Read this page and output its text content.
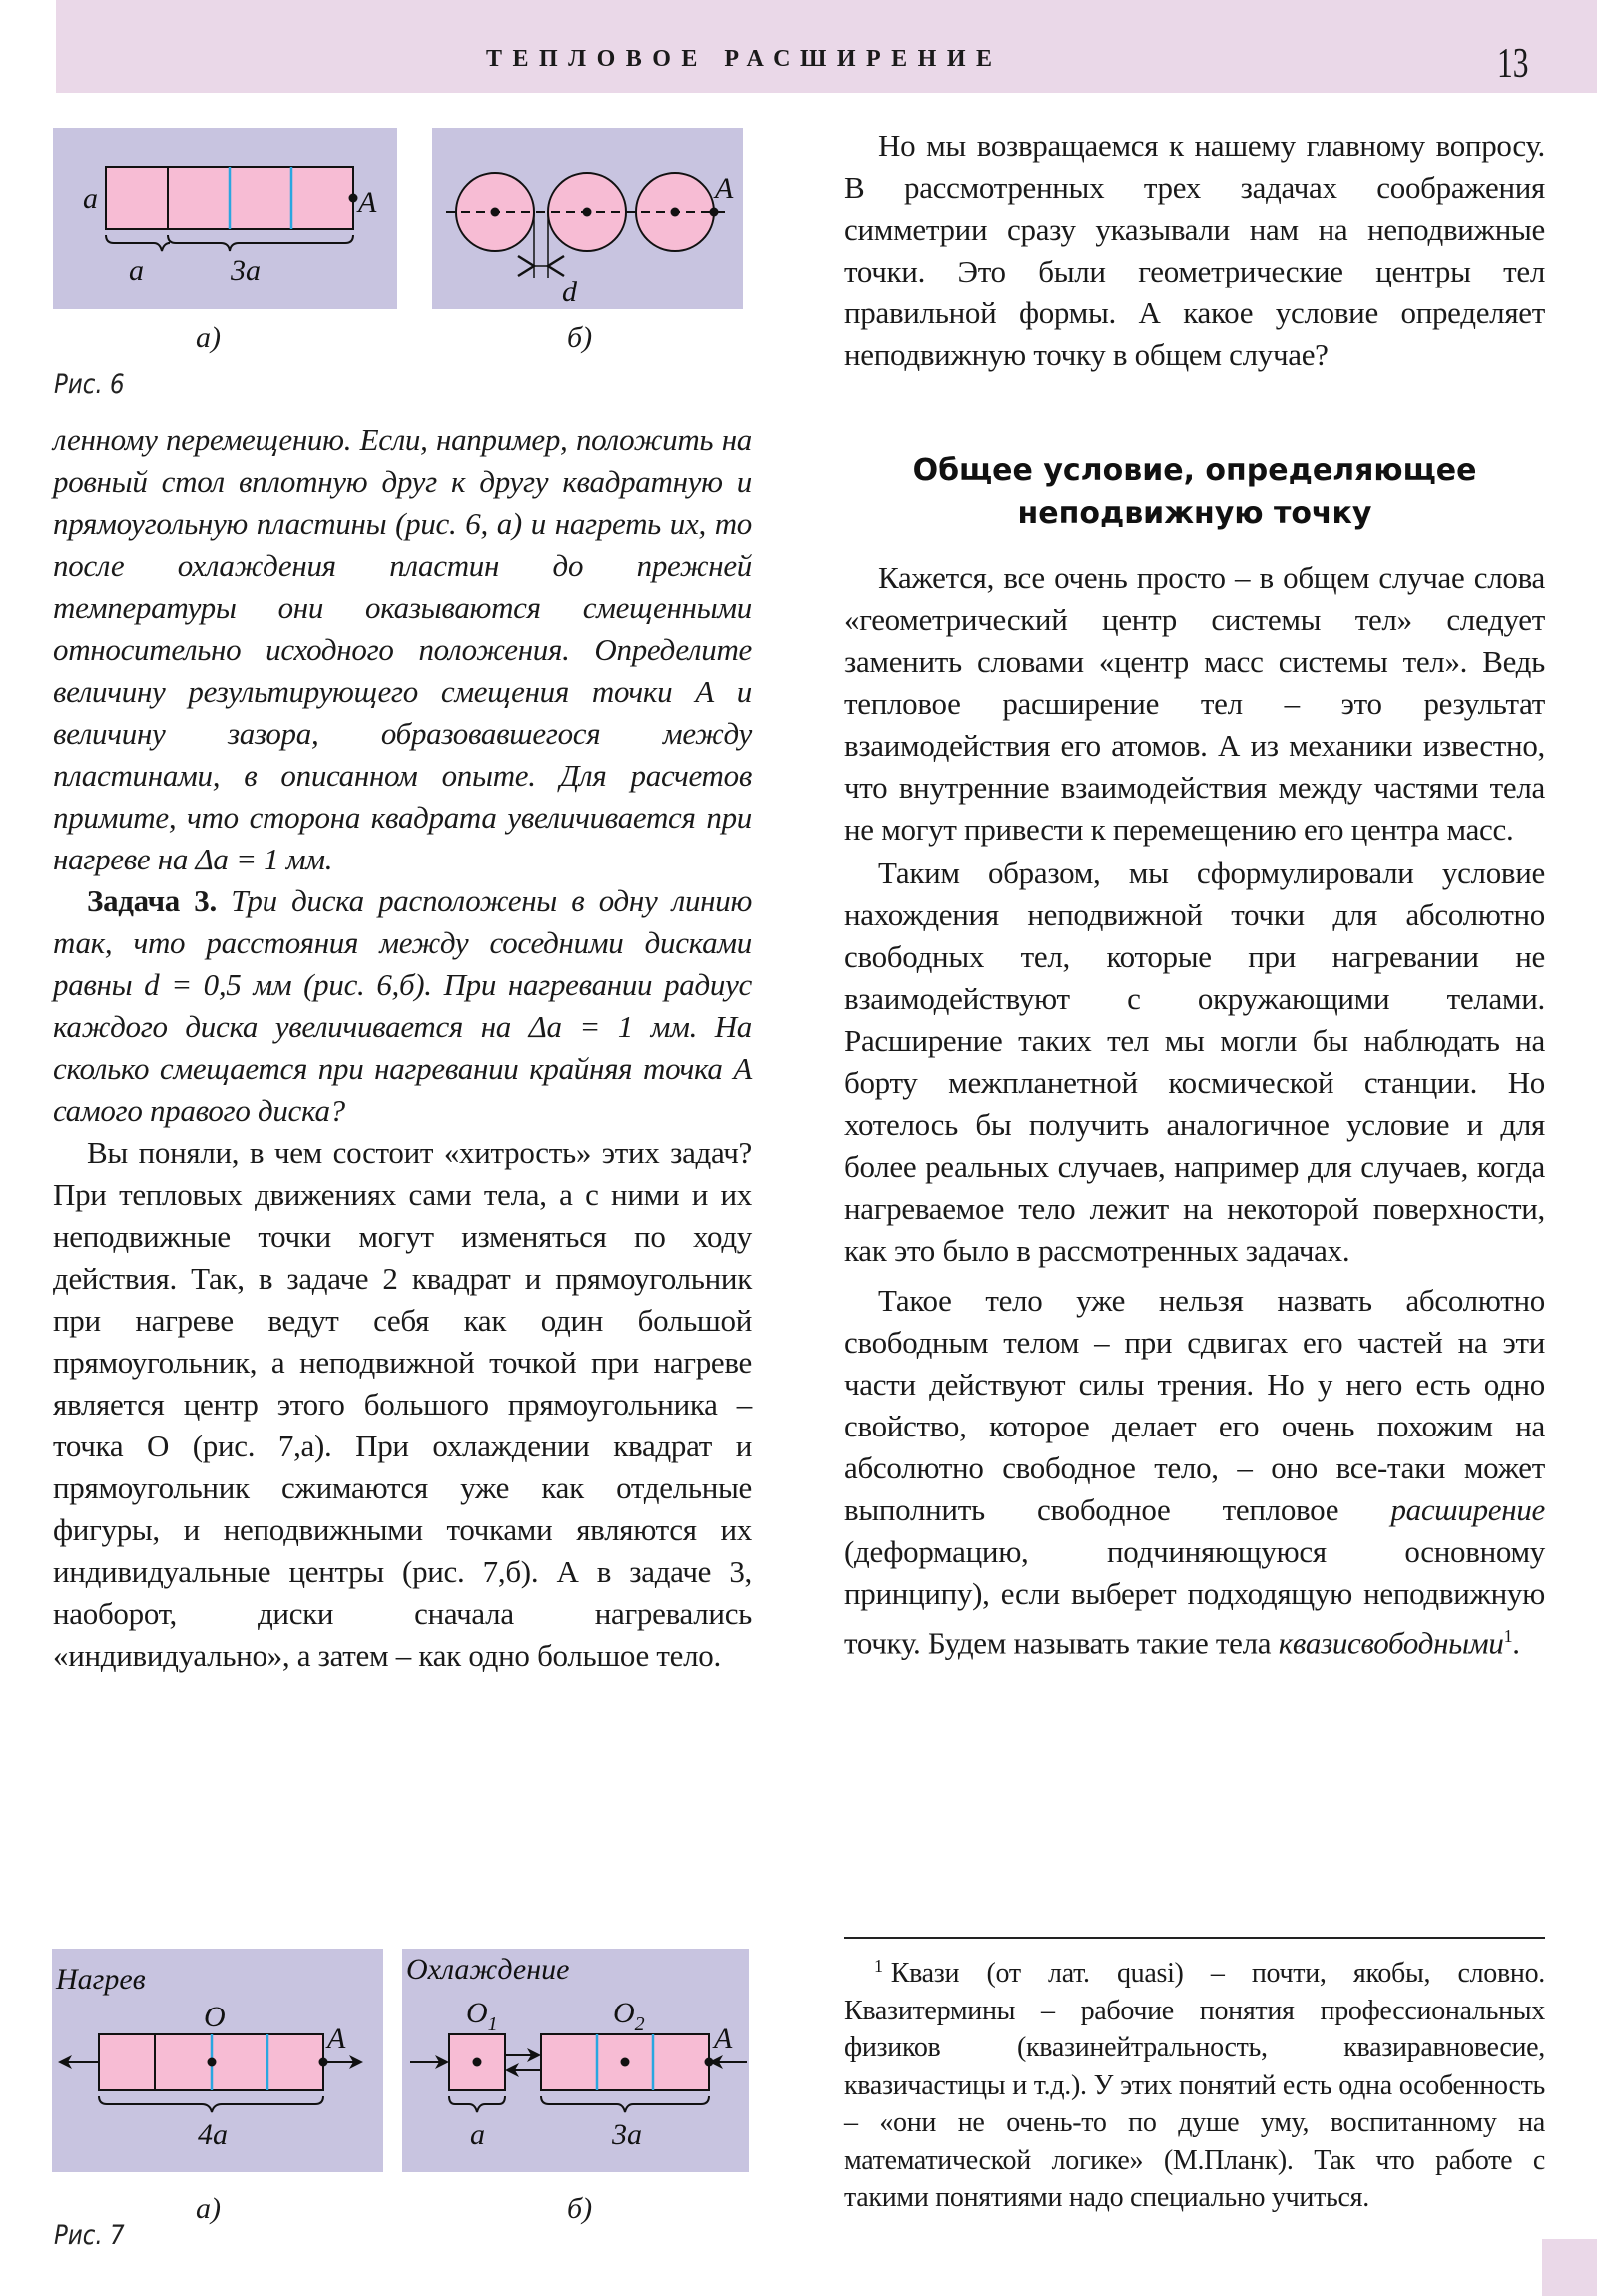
ТЕПЛОВОЕ РАСШИРЕНИЕ	13
a	A
a	3a
а)
A
d
б)
Рис. 6

ленному перемещению. Если, например, положить на ровный стол вплотную друг к другу квадратную и прямоугольную пластины (рис. 6, а) и нагреть их, то после охлаждения пластин до прежней температуры они оказываются смещенными относительно исходного положения. Определите величину результирующего смещения точки А и величину зазора, образовавшегося между пластинами, в описанном опыте. Для расчетов примите, что сторона квадрата увеличивается при нагреве на Δa = 1 мм.

Задача 3. Три диска расположены в одну линию так, что расстояния между соседними дисками равны d = 0,5 мм (рис. 6,б). При нагревании радиус каждого диска увеличивается на Δa = 1 мм. На сколько смещается при нагревании крайняя точка А самого правого диска?

Вы поняли, в чем состоит «хитрость» этих задач? При тепловых движениях сами тела, а с ними и их неподвижные точки могут изменяться по ходу действия. Так, в задаче 2 квадрат и прямоугольник при нагреве ведут себя как один большой прямоугольник, а неподвижной точкой при нагреве является центр этого большого прямоугольника – точка O (рис. 7,а). При охлаждении квадрат и прямоугольник сжимаются уже как отдельные фигуры, и неподвижными точками являются их индивидуальные центры (рис. 7,б). А в задаче 3, наоборот, диски сначала нагревались «индивидуально», а затем – как одно большое тело.

Нагрев
O
A
4a
Охлаждение
$O_1$	$O_2$ A
a	3a
Рис. 7
а)	б)

Но мы возвращаемся к нашему главному вопросу. В рассмотренных трех задачах соображения симметрии сразу указывали нам на неподвижные точки. Это были геометрические центры тел правильной формы. А какое условие определяет неподвижную точку в общем случае?

Общее условие, определяющее
неподвижную точку

Кажется, все очень просто – в общем случае слова «геометрический центр системы тел» следует заменить словами «центр масс системы тел». Ведь тепловое расширение тел – это результат взаимодействия его атомов. А из механики известно, что внутренние взаимодействия между частями тела не могут привести к перемещению его центра масс.

Таким образом, мы сформулировали условие нахождения неподвижной точки для абсолютно свободных тел, которые при нагревании не взаимодействуют с окружающими телами. Расширение таких тел мы могли бы наблюдать на борту межпланетной космической станции. Но хотелось бы получить аналогичное условие и для более реальных случаев, например для случаев, когда нагреваемое тело лежит на некоторой поверхности, как это было в рассмотренных задачах.

Такое тело уже нельзя назвать абсолютно свободным телом – при сдвигах его частей на эти части действуют силы трения. Но у него есть одно свойство, которое делает его очень похожим на абсолютно свободное тело, – оно все-таки может выполнить свободное тепловое расширение (деформацию, подчиняющуюся основному принципу), если выберет подходящую неподвижную точку. Будем называть такие тела квазисвободными$^1$.

$^1$ Квази (от лат. quasi) – почти, якобы, словно. Квазитермины – рабочие понятия профессиональных физиков (квазинейтральность, квазиравновесие, квазичастицы и т.д.). У этих понятий есть одна особенность – «они не очень-то по душе уму, воспитанному на математической логике» (М.Планк). Так что работе с такими понятиями надо специально учиться.
